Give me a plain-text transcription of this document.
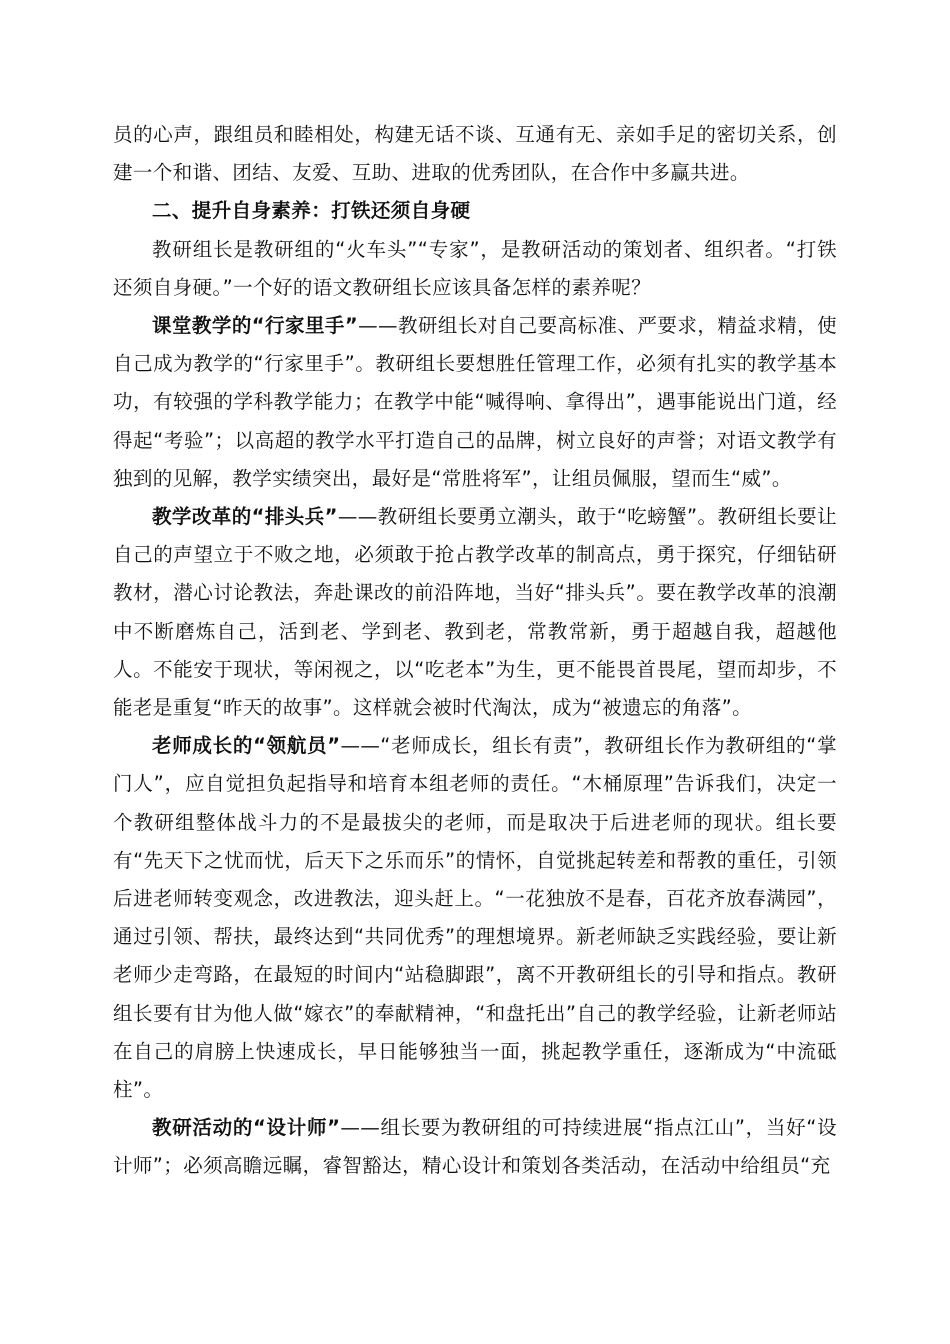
员的心声，跟组员和睦相处，构建无话不谈、互通有无、亲如手足的密切关系，创建一个和谐、团结、友爱、互助、进取的优秀团队，在合作中多赢共进。

二、提升自身素养：打铁还须自身硬

教研组长是教研组的“火车头”“专家”，是教研活动的策划者、组织者。“打铁还须自身硬。”一个好的语文教研组长应该具备怎样的素养呢？

课堂教学的“行家里手”——教研组长对自己要高标准、严要求，精益求精，使自己成为教学的“行家里手”。教研组长要想胜任管理工作，必须有扎实的教学基本功，有较强的学科教学能力；在教学中能“喊得响、拿得出”，遇事能说出门道，经得起“考验”；以高超的教学水平打造自己的品牌，树立良好的声誉；对语文教学有独到的见解，教学实绩突出，最好是“常胜将军”，让组员佩服，望而生“威”。

教学改革的“排头兵”——教研组长要勇立潮头，敢于“吃螃蟹”。教研组长要让自己的声望立于不败之地，必须敢于抢占教学改革的制高点，勇于探究，仔细钻研教材，潜心讨论教法，奔赴课改的前沿阵地，当好“排头兵”。要在教学改革的浪潮中不断磨炼自己，活到老、学到老、教到老，常教常新，勇于超越自我，超越他人。不能安于现状，等闲视之，以“吃老本”为生，更不能畏首畏尾，望而却步，不能老是重复“昨天的故事”。这样就会被时代淘汰，成为“被遗忘的角落”。

老师成长的“领航员”——“老师成长，组长有责”，教研组长作为教研组的“掌门人”，应自觉担负起指导和培育本组老师的责任。“木桶原理”告诉我们，决定一个教研组整体战斗力的不是最拔尖的老师，而是取决于后进老师的现状。组长要有“先天下之忧而忧，后天下之乐而乐”的情怀，自觉挑起转差和帮教的重任，引领后进老师转变观念，改进教法，迎头赶上。“一花独放不是春，百花齐放春满园”，通过引领、帮扶，最终达到“共同优秀”的理想境界。新老师缺乏实践经验，要让新老师少走弯路，在最短的时间内“站稳脚跟”，离不开教研组长的引导和指点。教研组长要有甘为他人做“嫁衣”的奉献精神，“和盘托出”自己的教学经验，让新老师站在自己的肩膀上快速成长，早日能够独当一面，挑起教学重任，逐渐成为“中流砥柱”。

教研活动的“设计师”——组长要为教研组的可持续进展“指点江山”，当好“设计师”；必须高瞻远瞩，睿智豁达，精心设计和策划各类活动，在活动中给组员“充
